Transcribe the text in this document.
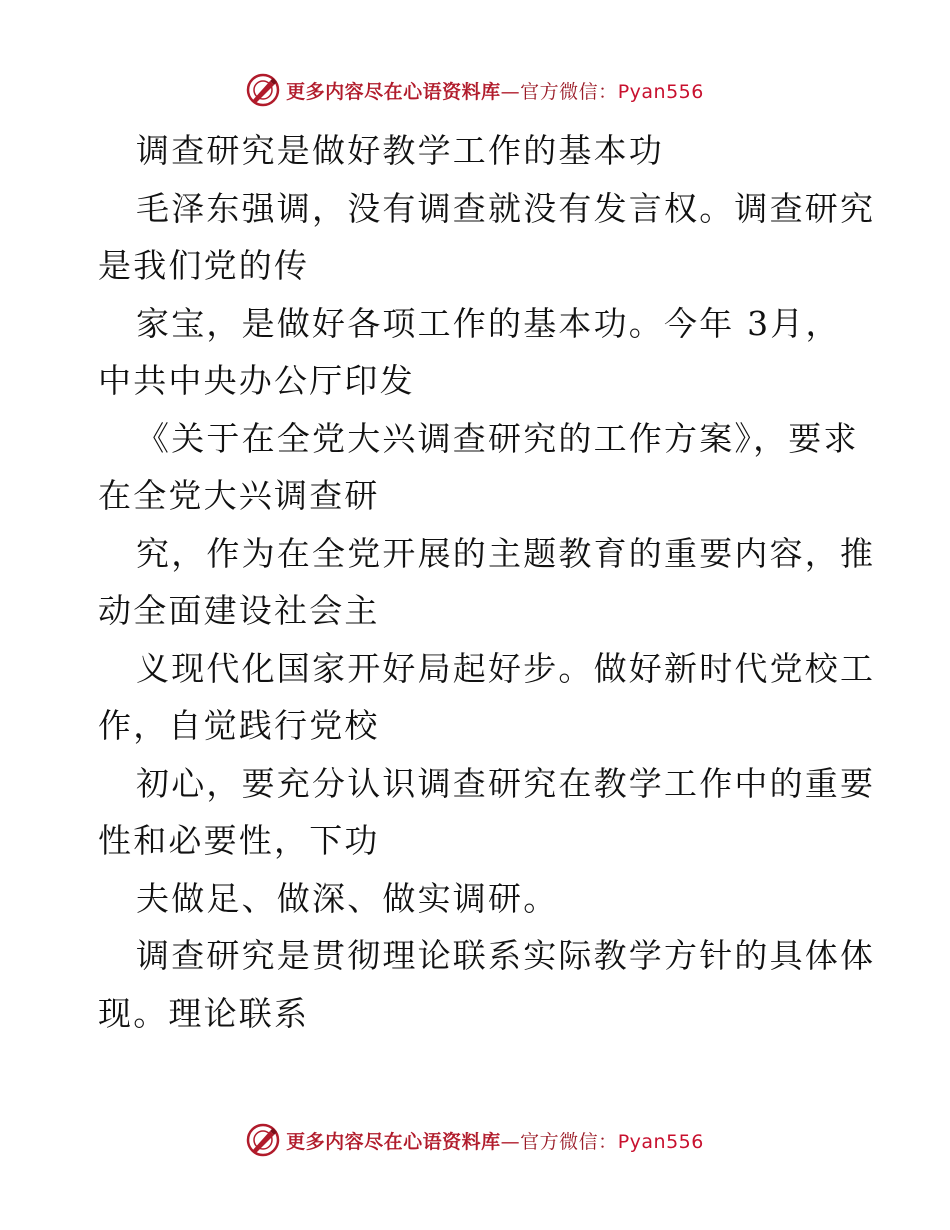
更多内容尽在心语资料库—官方微信：Pyan556

调查研究是做好教学工作的基本功

毛泽东强调，没有调查就没有发言权。调查研究

是我们党的传

家宝，是做好各项工作的基本功。今年 3月，

中共中央办公厅印发

《关于在全党大兴调查研究的工作方案》，要求

在全党大兴调查研

究，作为在全党开展的主题教育的重要内容，推

动全面建设社会主

义现代化国家开好局起好步。做好新时代党校工

作，自觉践行党校

初心，要充分认识调查研究在教学工作中的重要

性和必要性，下功

夫做足、做深、做实调研。

调查研究是贯彻理论联系实际教学方针的具体体

现。理论联系

更多内容尽在心语资料库—官方微信：Pyan556
